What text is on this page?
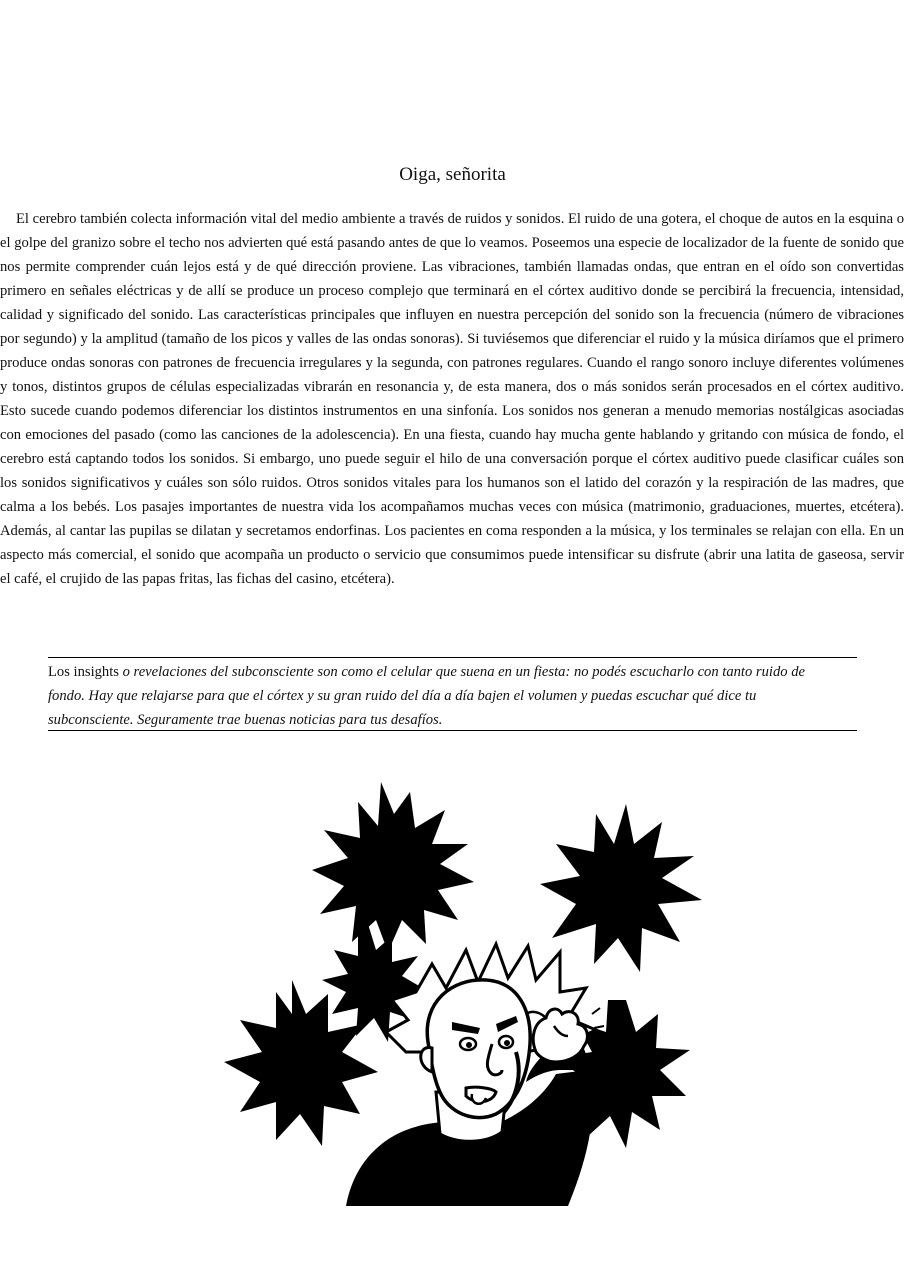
Oiga, señorita

El cerebro también colecta información vital del medio ambiente a través de ruidos y sonidos. El ruido de una gotera, el choque de autos en la esquina o el golpe del granizo sobre el techo nos advierten qué está pasando antes de que lo veamos. Poseemos una especie de localizador de la fuente de sonido que nos permite comprender cuán lejos está y de qué dirección proviene. Las vibraciones, también llamadas ondas, que entran en el oído son convertidas primero en señales eléctricas y de allí se produce un proceso complejo que terminará en el córtex auditivo donde se percibirá la frecuencia, intensidad, calidad y significado del sonido. Las características principales que influyen en nuestra percepción del sonido son la frecuencia (número de vibraciones por segundo) y la amplitud (tamaño de los picos y valles de las ondas sonoras). Si tuviésemos que diferenciar el ruido y la música diríamos que el primero produce ondas sonoras con patrones de frecuencia irregulares y la segunda, con patrones regulares. Cuando el rango sonoro incluye diferentes volúmenes y tonos, distintos grupos de células especializadas vibrarán en resonancia y, de esta manera, dos o más sonidos serán procesados en el córtex auditivo. Esto sucede cuando podemos diferenciar los distintos instrumentos en una sinfonía. Los sonidos nos generan a menudo memorias nostálgicas asociadas con emociones del pasado (como las canciones de la adolescencia). En una fiesta, cuando hay mucha gente hablando y gritando con música de fondo, el cerebro está captando todos los sonidos. Si embargo, uno puede seguir el hilo de una conversación porque el córtex auditivo puede clasificar cuáles son los sonidos significativos y cuáles son sólo ruidos. Otros sonidos vitales para los humanos son el latido del corazón y la respiración de las madres, que calma a los bebés. Los pasajes importantes de nuestra vida los acompañamos muchas veces con música (matrimonio, graduaciones, muertes, etcétera). Además, al cantar las pupilas se dilatan y secretamos endorfinas. Los pacientes en coma responden a la música, y los terminales se relajan con ella. En un aspecto más comercial, el sonido que acompaña un producto o servicio que consumimos puede intensificar su disfrute (abrir una latita de gaseosa, servir el café, el crujido de las papas fritas, las fichas del casino, etcétera).

Los insights o revelaciones del subconsciente son como el celular que suena en un fiesta: no podés escucharlo con tanto ruido de fondo. Hay que relajarse para que el córtex y su gran ruido del día a día bajen el volumen y puedas escuchar qué dice tu subconsciente. Seguramente trae buenas noticias para tus desafíos.
